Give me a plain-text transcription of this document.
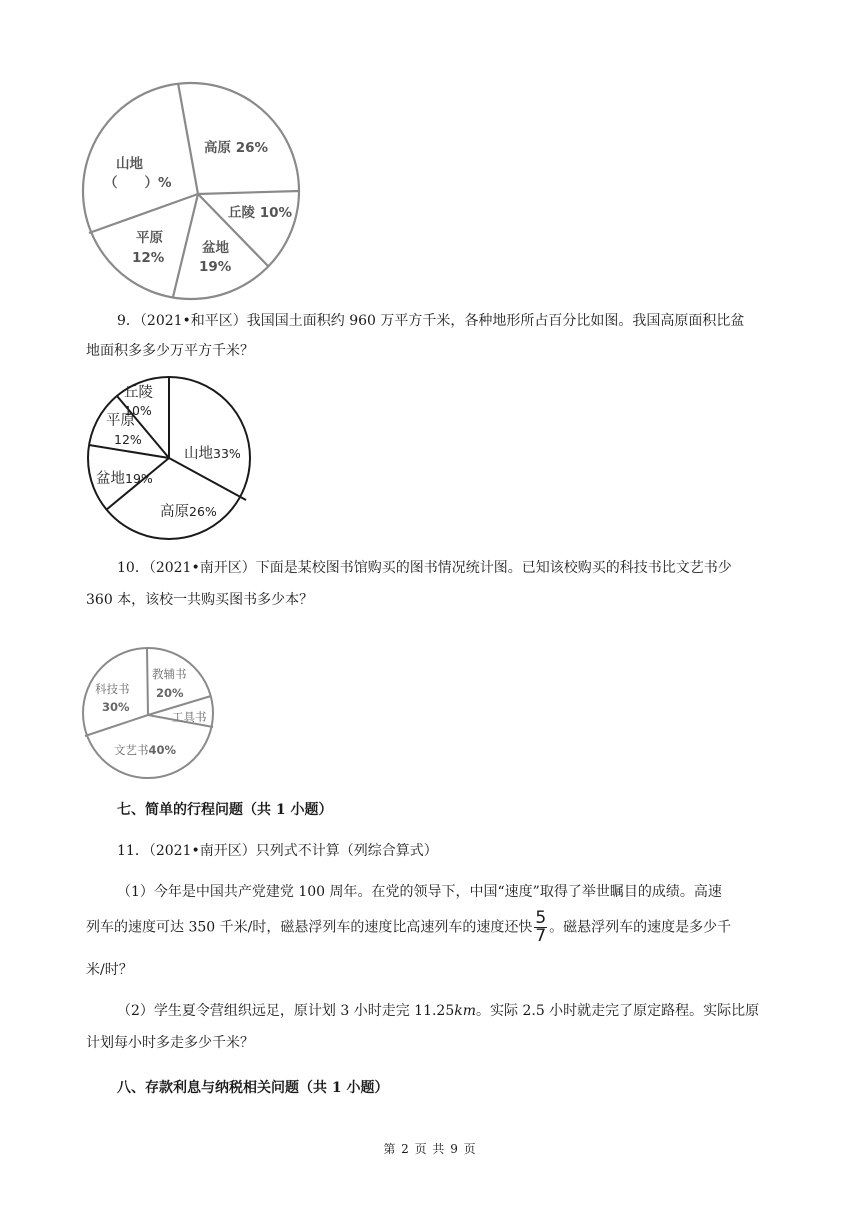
高原 26%
丘陵 10%
盆地
19%
平原
12%
山地
（　　）%

9．（2021•和平区）我国国土面积约 960 万平方千米，各种地形所占百分比如图。我国高原面积比盆

地面积多多少万平方千米？

丘陵
10%
平原
12%
盆地19%
高原26%
山地33%

10．（2021•南开区）下面是某校图书馆购买的图书情况统计图。已知该校购买的科技书比文艺书少

360 本，该校一共购买图书多少本？

教辅书
20%
工具书
文艺书40%
科技书
30%

七、简单的行程问题（共 1 小题）

11．（2021•南开区）只列式不计算（列综合算式）

（1）今年是中国共产党建党 100 周年。在党的领导下，中国“速度”取得了举世瞩目的成绩。高速

列车的速度可达 350 千米/时，磁悬浮列车的速度比高速列车的速度还快 $\frac{5}{7}$ 。磁悬浮列车的速度是多少千

米/时？

（2）学生夏令营组织远足，原计划 3 小时走完 11.25km。实际 2.5 小时就走完了原定路程。实际比原

计划每小时多走多少千米？

八、存款利息与纳税相关问题（共 1 小题）

第 2 页 共 9 页
